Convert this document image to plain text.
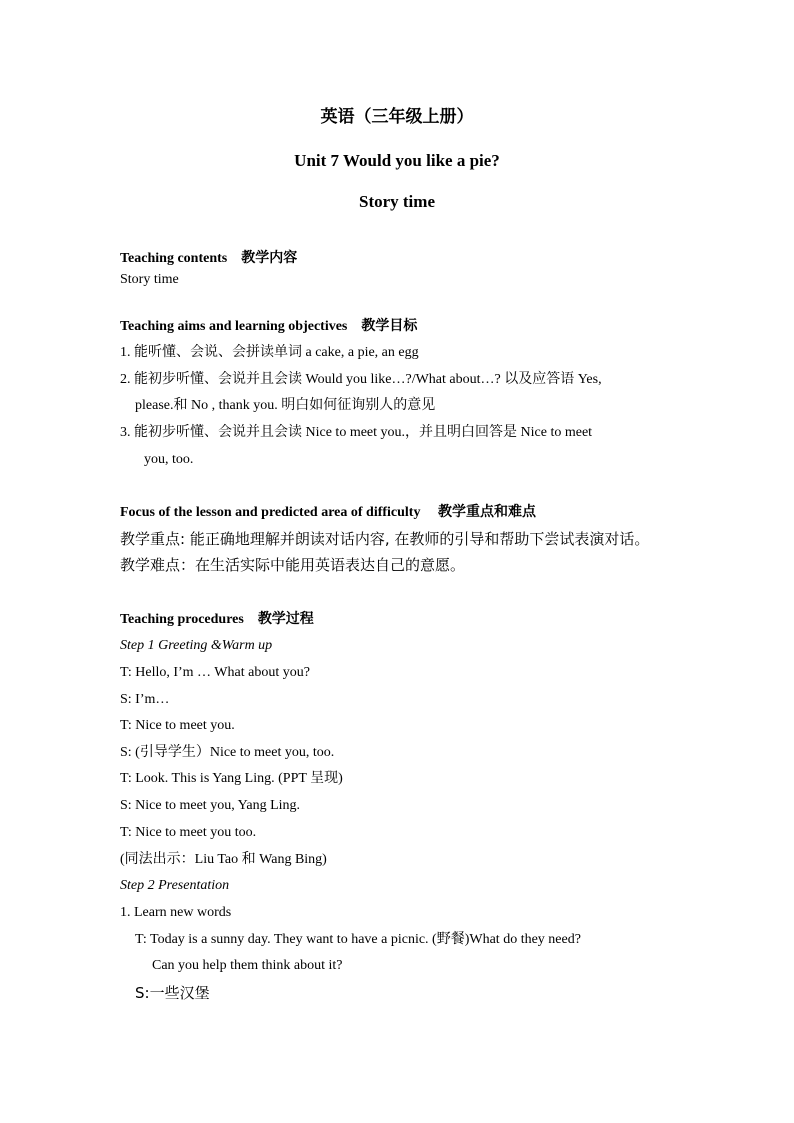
英语（三年级上册）
Unit 7 Would you like a pie?
Story time
Teaching contents 教学内容
Story time
Teaching aims and learning objectives 教学目标
1. 能听懂、会说、会拼读单词 a cake, a pie, an egg
2. 能初步听懂、会说并且会读 Would you like…?/What about…? 以及应答语 Yes,
please.和 No , thank you. 明白如何征询别人的意见
3. 能初步听懂、会说并且会读 Nice to meet you.，并且明白回答是 Nice to meet
you, too.
Focus of the lesson and predicted area of difficulty 教学重点和难点
教学重点: 能正确地理解并朗读对话内容, 在教师的引导和帮助下尝试表演对话。
教学难点：在生活实际中能用英语表达自己的意愿。
Teaching procedures 教学过程
Step 1 Greeting &Warm up
T: Hello, I’m … What about you?
S: I’m…
T: Nice to meet you.
S: (引导学生）Nice to meet you, too.
T: Look. This is Yang Ling. (PPT 呈现)
S: Nice to meet you, Yang Ling.
T: Nice to meet you too.
(同法出示：Liu Tao 和 Wang Bing)
Step 2 Presentation
1. Learn new words
T: Today is a sunny day. They want to have a picnic. (野餐)What do they need?
Can you help them think about it?
S:一些汉堡
